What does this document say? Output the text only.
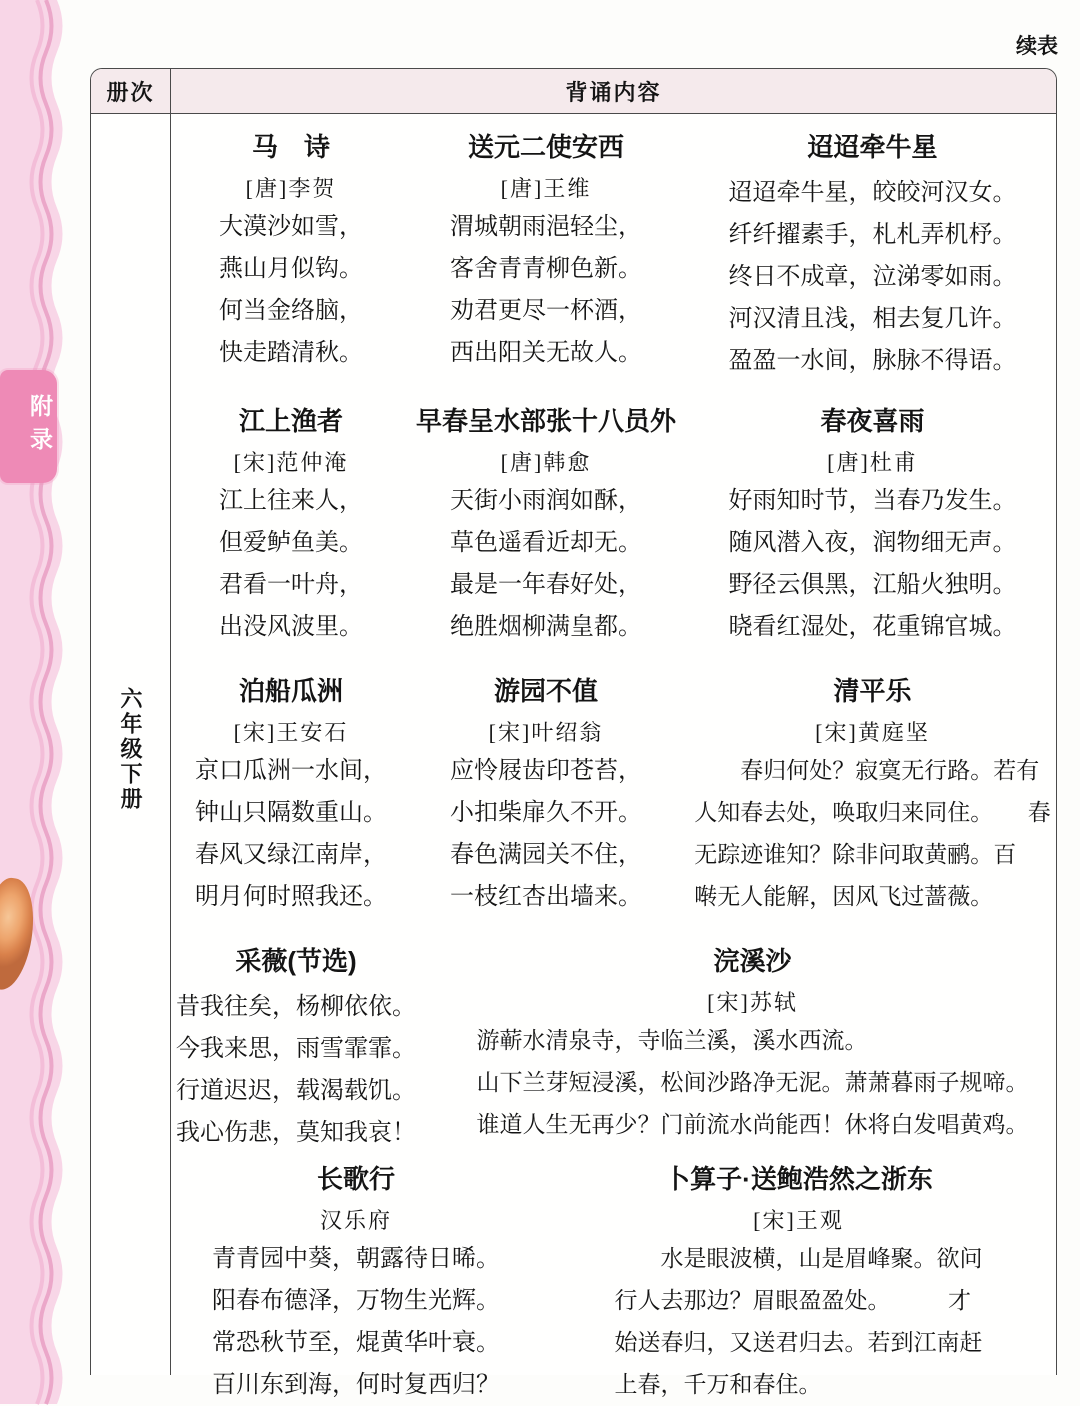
附录
续表
册次	背诵内容
六年级下册
马　诗
[唐]李贺
大漠沙如雪，
燕山月似钩。
何当金络脑，
快走踏清秋。
送元二使安西
[唐]王维
渭城朝雨浥轻尘，
客舍青青柳色新。
劝君更尽一杯酒，
西出阳关无故人。
迢迢牵牛星
迢迢牵牛星，皎皎河汉女。
纤纤擢素手，札札弄机杼。
终日不成章，泣涕零如雨。
河汉清且浅，相去复几许。
盈盈一水间，脉脉不得语。
江上渔者
[宋]范仲淹
江上往来人，
但爱鲈鱼美。
君看一叶舟，
出没风波里。
早春呈水部张十八员外
[唐]韩愈
天街小雨润如酥，
草色遥看近却无。
最是一年春好处，
绝胜烟柳满皇都。
春夜喜雨
[唐]杜甫
好雨知时节，当春乃发生。
随风潜入夜，润物细无声。
野径云俱黑，江船火独明。
晓看红湿处，花重锦官城。
泊船瓜洲
[宋]王安石
京口瓜洲一水间，
钟山只隔数重山。
春风又绿江南岸，
明月何时照我还。
游园不值
[宋]叶绍翁
应怜屐齿印苍苔，
小扣柴扉久不开。
春色满园关不住，
一枝红杏出墙来。
清平乐
[宋]黄庭坚
　　春归何处？寂寞无行路。若有
人知春去处，唤取归来同住。　　春
无踪迹谁知？除非问取黄鹂。百
啭无人能解，因风飞过蔷薇。
采薇(节选)
昔我往矣，杨柳依依。
今我来思，雨雪霏霏。
行道迟迟，载渴载饥。
我心伤悲，莫知我哀！
浣溪沙
[宋]苏轼
游蕲水清泉寺，寺临兰溪，溪水西流。
山下兰芽短浸溪，松间沙路净无泥。萧萧暮雨子规啼。
谁道人生无再少？门前流水尚能西！休将白发唱黄鸡。
长歌行
汉乐府
青青园中葵，朝露待日晞。
阳春布德泽，万物生光辉。
常恐秋节至，焜黄华叶衰。
百川东到海，何时复西归？
卜算子·送鲍浩然之浙东
[宋]王观
　　水是眼波横，山是眉峰聚。欲问
行人去那边？眉眼盈盈处。　　　才
始送春归，又送君归去。若到江南赶
上春，千万和春住。
